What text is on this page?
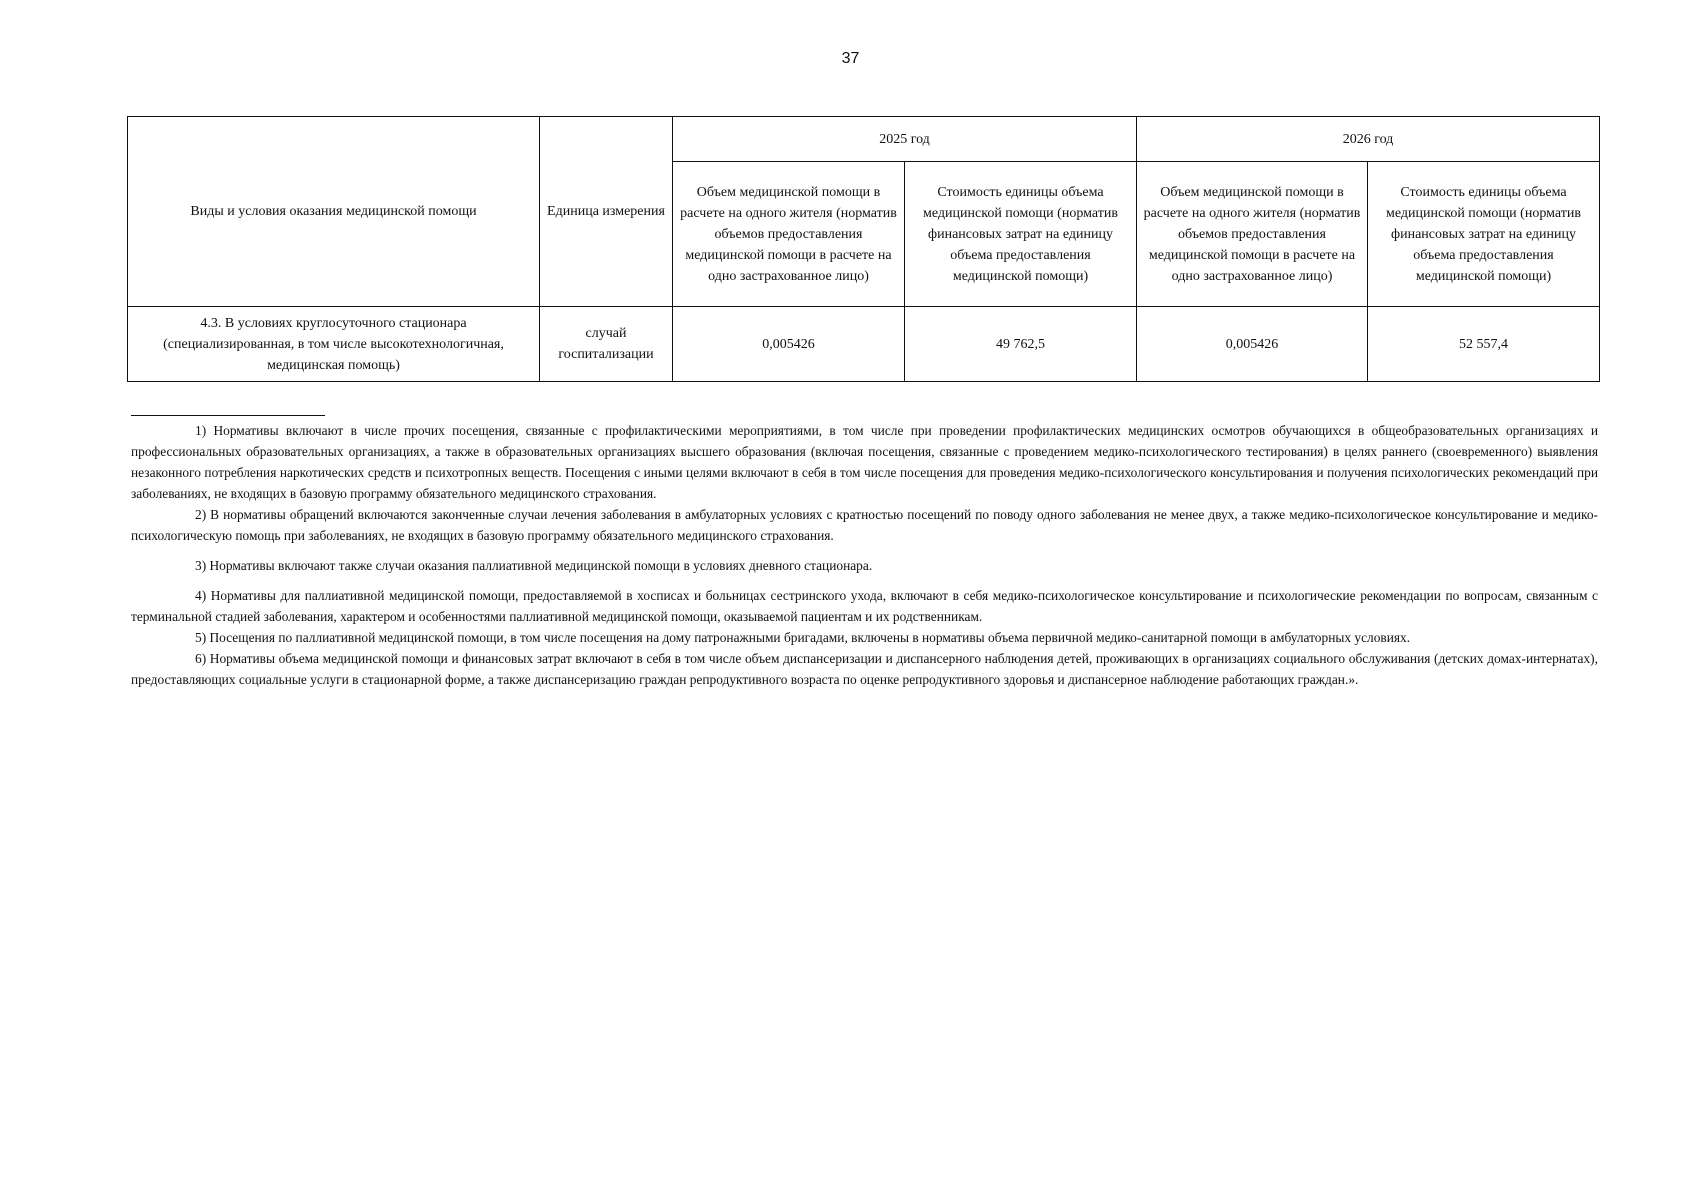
37
Виды и условия оказания медицинской помощи	Единица измерения	2025 год		2026 год	
		Объем медицинской помощи в расчете на одного жителя (норматив объемов предоставления медицинской помощи в расчете на одно застрахованное лицо)	Стоимость единицы объема медицинской помощи (норматив финансовых затрат на единицу объема предоставления медицинской помощи)	Объем медицинской помощи в расчете на одного жителя (норматив объемов предоставления медицинской помощи в расчете на одно застрахованное лицо)	Стоимость единицы объема медицинской помощи (норматив финансовых затрат на единицу объема предоставления медицинской помощи)
4.3. В условиях круглосуточного стационара (специализированная, в том числе высокотехнологичная, медицинская помощь)	случай госпитализации	0,005426	49 762,5	0,005426	52 557,4

1) Нормативы включают в числе прочих посещения, связанные с профилактическими мероприятиями, в том числе при проведении профилактических медицинских осмотров обучающихся в общеобразовательных организациях и профессиональных образовательных организациях, а также в образовательных организациях высшего образования (включая посещения, связанные с проведением медико-психологического тестирования) в целях раннего (своевременного) выявления незаконного потребления наркотических средств и психотропных веществ. Посещения с иными целями включают в себя в том числе посещения для проведения медико-психологического консультирования и получения психологических рекомендаций при заболеваниях, не входящих в базовую программу обязательного медицинского страхования.

2) В нормативы обращений включаются законченные случаи лечения заболевания в амбулаторных условиях с кратностью посещений по поводу одного заболевания не менее двух, а также медико-психологическое консультирование и медико-психологическую помощь при заболеваниях, не входящих в базовую программу обязательного медицинского страхования.

3) Нормативы включают также случаи оказания паллиативной медицинской помощи в условиях дневного стационара.

4) Нормативы для паллиативной медицинской помощи, предоставляемой в хосписах и больницах сестринского ухода, включают в себя медико-психологическое консультирование и психологические рекомендации по вопросам, связанным с терминальной стадией заболевания, характером и особенностями паллиативной медицинской помощи, оказываемой пациентам и их родственникам.

5) Посещения по паллиативной медицинской помощи, в том числе посещения на дому патронажными бригадами, включены в нормативы объема первичной медико-санитарной помощи в амбулаторных условиях.

6) Нормативы объема медицинской помощи и финансовых затрат включают в себя в том числе объем диспансеризации и диспансерного наблюдения детей, проживающих в организациях социального обслуживания (детских домах-интернатах), предоставляющих социальные услуги в стационарной форме, а также диспансеризацию граждан репродуктивного возраста по оценке репродуктивного здоровья и диспансерное наблюдение работающих граждан.».
